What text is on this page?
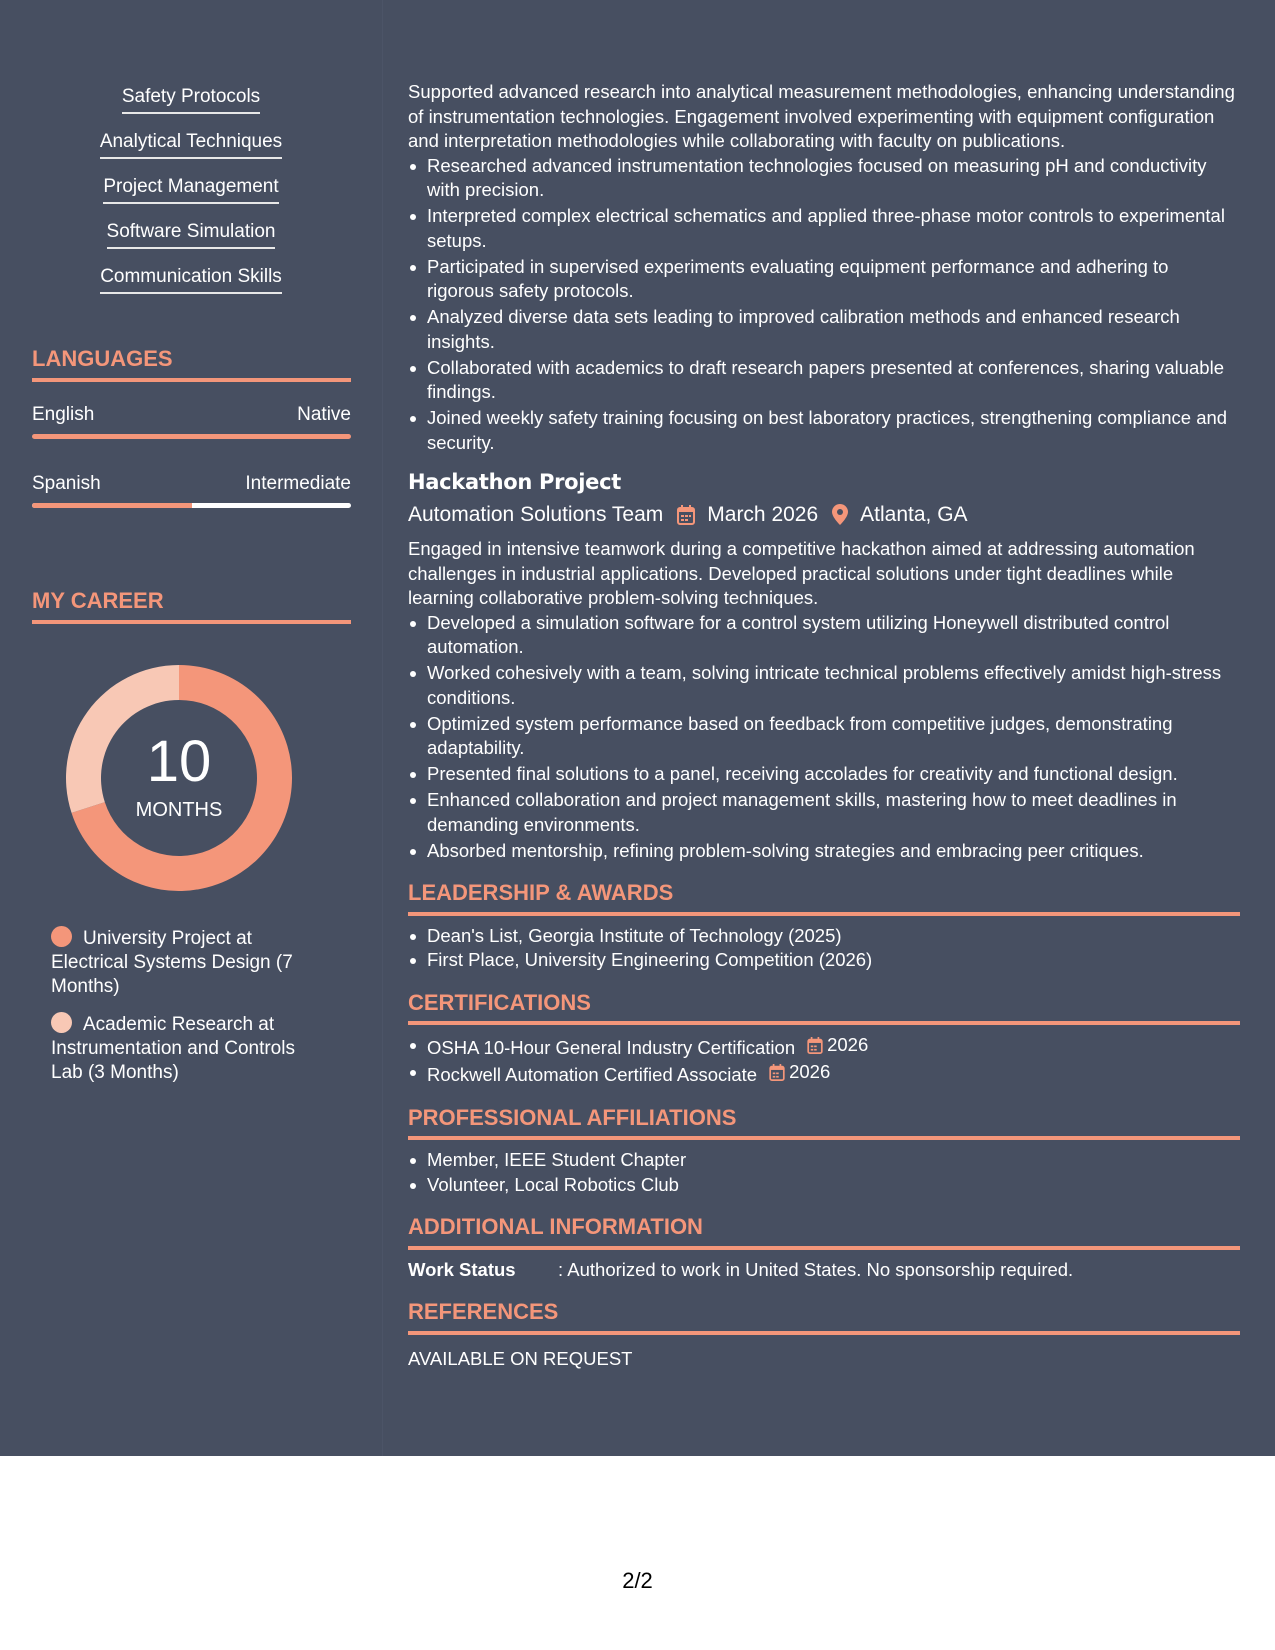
Safety Protocols
Analytical Techniques
Project Management
Software Simulation
Communication Skills
LANGUAGES
English	Native
Spanish	Intermediate
MY CAREER
10
MONTHS
University Project at Electrical Systems Design (7 Months)
Academic Research at Instrumentation and Controls Lab (3 Months)

Supported advanced research into analytical measurement methodologies, enhancing understanding of instrumentation technologies. Engagement involved experimenting with equipment configuration and interpretation methodologies while collaborating with faculty on publications.

Researched advanced instrumentation technologies focused on measuring pH and conductivity with precision.
Interpreted complex electrical schematics and applied three-phase motor controls to experimental setups.
Participated in supervised experiments evaluating equipment performance and adhering to rigorous safety protocols.
Analyzed diverse data sets leading to improved calibration methods and enhanced research insights.
Collaborated with academics to draft research papers presented at conferences, sharing valuable findings.
Joined weekly safety training focusing on best laboratory practices, strengthening compliance and security.
Hackathon Project
Automation Solutions Team March 2026 Atlanta, GA

Engaged in intensive teamwork during a competitive hackathon aimed at addressing automation challenges in industrial applications. Developed practical solutions under tight deadlines while learning collaborative problem-solving techniques.

Developed a simulation software for a control system utilizing Honeywell distributed control automation.
Worked cohesively with a team, solving intricate technical problems effectively amidst high-stress conditions.
Optimized system performance based on feedback from competitive judges, demonstrating adaptability.
Presented final solutions to a panel, receiving accolades for creativity and functional design.
Enhanced collaboration and project management skills, mastering how to meet deadlines in demanding environments.
Absorbed mentorship, refining problem-solving strategies and embracing peer critiques.
LEADERSHIP & AWARDS
Dean's List, Georgia Institute of Technology (2025)
First Place, University Engineering Competition (2026)
CERTIFICATIONS
OSHA 10-Hour General Industry Certification 2026
Rockwell Automation Certified Associate 2026
PROFESSIONAL AFFILIATIONS
Member, IEEE Student Chapter
Volunteer, Local Robotics Club
ADDITIONAL INFORMATION
Work Status	: Authorized to work in United States. No sponsorship required.
REFERENCES

AVAILABLE ON REQUEST

2/2
